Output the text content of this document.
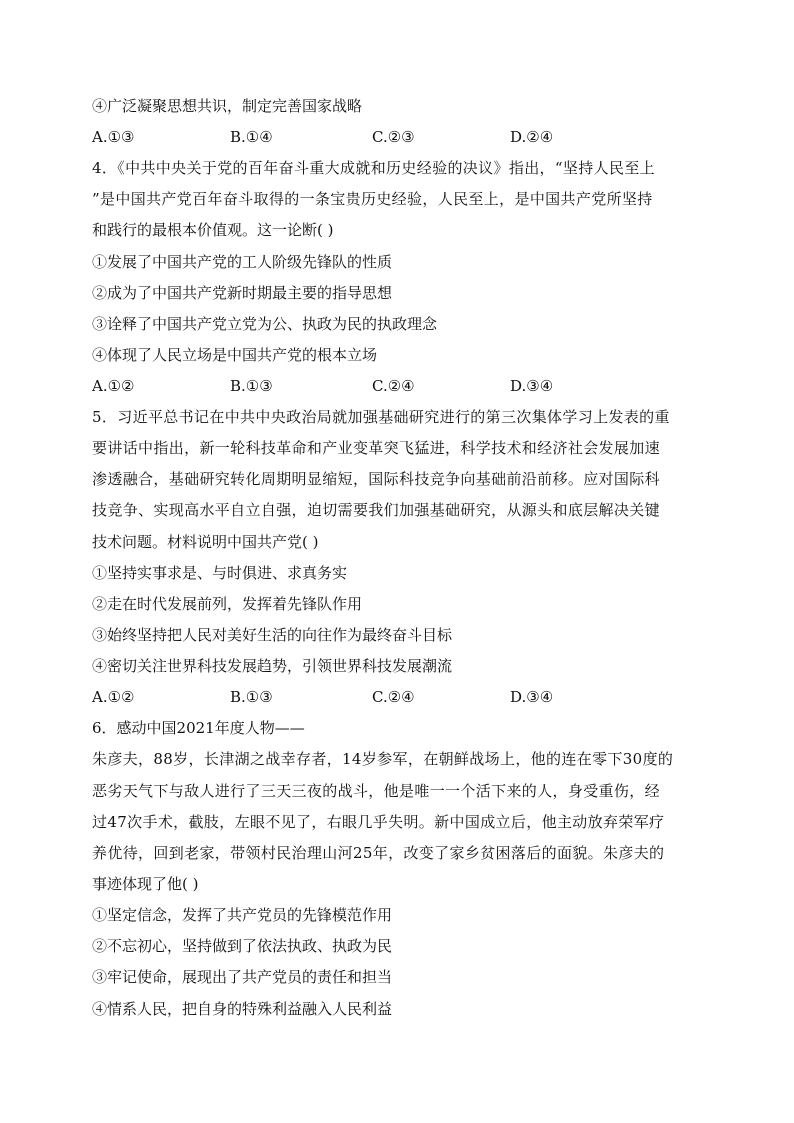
④广泛凝聚思想共识，制定完善国家战略
A.①③	B.①④	C.②③	D.②④
4．《中共中央关于党的百年奋斗重大成就和历史经验的决议》指出，“坚持人民至上
”是中国共产党百年奋斗取得的一条宝贵历史经验，人民至上，是中国共产党所坚持
和践行的最根本价值观。这一论断( )
①发展了中国共产党的工人阶级先锋队的性质
②成为了中国共产党新时期最主要的指导思想
③诠释了中国共产党立党为公、执政为民的执政理念
④体现了人民立场是中国共产党的根本立场
A.①②	B.①③	C.②④	D.③④
5．习近平总书记在中共中央政治局就加强基础研究进行的第三次集体学习上发表的重
要讲话中指出，新一轮科技革命和产业变革突飞猛进，科学技术和经济社会发展加速
渗透融合，基础研究转化周期明显缩短，国际科技竞争向基础前沿前移。应对国际科
技竞争、实现高水平自立自强，迫切需要我们加强基础研究，从源头和底层解决关键
技术问题。材料说明中国共产党( )
①坚持实事求是、与时俱进、求真务实
②走在时代发展前列，发挥着先锋队作用
③始终坚持把人民对美好生活的向往作为最终奋斗目标
④密切关注世界科技发展趋势，引领世界科技发展潮流
A.①②	B.①③	C.②④	D.③④
6．感动中国2021年度人物——
朱彦夫，88岁，长津湖之战幸存者，14岁参军，在朝鲜战场上，他的连在零下30度的
恶劣天气下与敌人进行了三天三夜的战斗，他是唯一一个活下来的人，身受重伤，经
过47次手术，截肢，左眼不见了，右眼几乎失明。新中国成立后，他主动放弃荣军疗
养优待，回到老家，带领村民治理山河25年，改变了家乡贫困落后的面貌。朱彦夫的
事迹体现了他( )
①坚定信念，发挥了共产党员的先锋模范作用
②不忘初心，坚持做到了依法执政、执政为民
③牢记使命，展现出了共产党员的责任和担当
④情系人民，把自身的特殊利益融入人民利益
